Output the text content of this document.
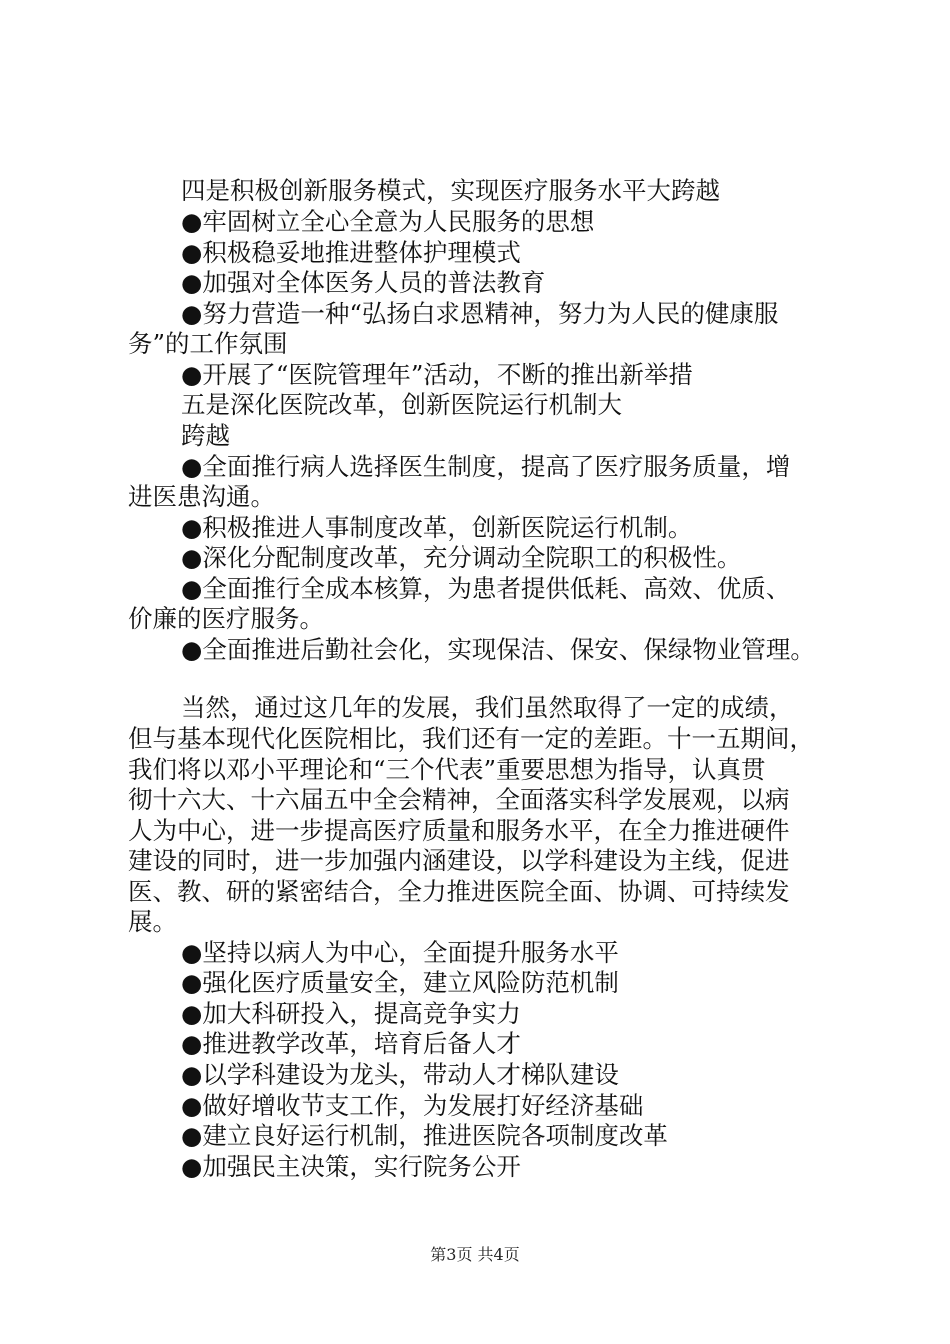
四是积极创新服务模式，实现医疗服务水平大跨越
●牢固树立全心全意为人民服务的思想
●积极稳妥地推进整体护理模式
●加强对全体医务人员的普法教育
●努力营造一种“弘扬白求恩精神，努力为人民的健康服
务”的工作氛围
●开展了“医院管理年”活动，不断的推出新举措
五是深化医院改革，创新医院运行机制大
跨越
●全面推行病人选择医生制度，提高了医疗服务质量，增
进医患沟通。
●积极推进人事制度改革，创新医院运行机制。
●深化分配制度改革，充分调动全院职工的积极性。
●全面推行全成本核算，为患者提供低耗、高效、优质、
价廉的医疗服务。
●全面推进后勤社会化，实现保洁、保安、保绿物业管理。
当然，通过这几年的发展，我们虽然取得了一定的成绩，
但与基本现代化医院相比，我们还有一定的差距。十一五期间，
我们将以邓小平理论和“三个代表”重要思想为指导，认真贯
彻十六大、十六届五中全会精神，全面落实科学发展观，以病
人为中心，进一步提高医疗质量和服务水平，在全力推进硬件
建设的同时，进一步加强内涵建设，以学科建设为主线，促进
医、教、研的紧密结合，全力推进医院全面、协调、可持续发
展。
●坚持以病人为中心，全面提升服务水平
●强化医疗质量安全，建立风险防范机制
●加大科研投入，提高竞争实力
●推进教学改革，培育后备人才
●以学科建设为龙头，带动人才梯队建设
●做好增收节支工作，为发展打好经济基础
●建立良好运行机制，推进医院各项制度改革
●加强民主决策，实行院务公开
第3页 共4页
